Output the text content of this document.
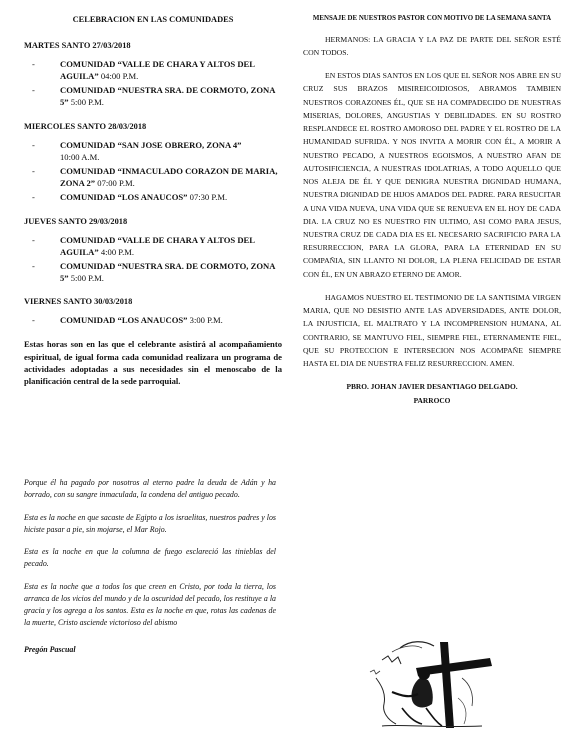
CELEBRACION EN LAS COMUNIDADES
MARTES SANTO 27/03/2018
- COMUNIDAD “VALLE DE CHARA Y ALTOS DEL AGUILA” 04:00 P.M.
- COMUNIDAD “NUESTRA SRA. DE CORMOTO, ZONA 5” 5:00 P.M.
MIERCOLES SANTO 28/03/2018
- COMUNIDAD “SAN JOSE OBRERO, ZONA 4”
10:00 A.M.
- COMUNIDAD “INMACULADO CORAZON DE MARIA, ZONA 2” 07:00 P.M.
- COMUNIDAD “LOS ANAUCOS” 07:30 P.M.
JUEVES SANTO 29/03/2018
- COMUNIDAD “VALLE DE CHARA Y ALTOS DEL AGUILA” 4:00 P.M.
- COMUNIDAD “NUESTRA SRA. DE CORMOTO, ZONA 5” 5:00 P.M.
VIERNES SANTO 30/03/2018
- COMUNIDAD “LOS ANAUCOS” 3:00 P.M.

Estas horas son en las que el celebrante asistirá al acompañamiento espiritual, de igual forma cada comunidad realizara un programa de actividades adoptadas a sus necesidades sin el menoscabo de la planificación central de la sede parroquial.

Porque él ha pagado por nosotros al eterno padre la deuda de Adán y ha borrado, con su sangre inmaculada, la condena del antiguo pecado.

Esta es la noche en que sacaste de Egipto a los israelitas, nuestros padres y los hiciste pasar a pie, sin mojarse, el Mar Rojo.

Esta es la noche en que la columna de fuego esclareció las tinieblas del pecado.

Esta es la noche que a todos los que creen en Cristo, por toda la tierra, los arranca de los vicios del mundo y de la oscuridad del pecado, los restituye a la gracia y los agrega a los santos. Esta es la noche en que, rotas las cadenas de la muerte, Cristo asciende victorioso del abismo

Pregón Pascual

MENSAJE DE NUESTROS PASTOR CON MOTIVO DE LA SEMANA SANTA

HERMANOS: LA GRACIA Y LA PAZ DE PARTE DEL SEÑOR ESTÉ CON TODOS.

EN ESTOS DIAS SANTOS EN LOS QUE EL SEÑOR NOS ABRE EN SU CRUZ SUS BRAZOS MISIREICOIDIOSOS, ABRAMOS TAMBIEN NUESTROS CORAZONES ÉL, QUE SE HA COMPADECIDO DE NUESTRAS MISERIAS, DOLORES, ANGUSTIAS Y DEBILIDADES. EN SU ROSTRO RESPLANDECE EL ROSTRO AMOROSO DEL PADRE Y EL ROSTRO DE LA HUMANIDAD SUFRIDA. Y NOS INVITA A MORIR CON ÉL, A MORIR A NUESTRO PECADO, A NUESTROS EGOISMOS, A NUESTRO AFAN DE AUTOSIFICIENCIA, A NUESTRAS IDOLATRIAS, A TODO AQUELLO QUE NOS ALEJA DE ÉL Y QUE DENIGRA NUESTRA DIGNIDAD HUMANA, NUESTRA DIGNIDAD DE HIJOS AMADOS DEL PADRE. PARA RESUCITAR A UNA VIDA NUEVA, UNA VIDA QUE SE RENUEVA EN EL HOY DE CADA DIA. LA CRUZ NO ES NUESTRO FIN ULTIMO, ASI COMO PARA JESUS, NUESTRA CRUZ DE CADA DIA ES EL NECESARIO SACRIFICIO PARA LA RESURRECCION, PARA LA GLORA, PARA LA ETERNIDAD EN SU COMPAÑIA, SIN LLANTO NI DOLOR, LA PLENA FELICIDAD DE ESTAR CON ÉL, EN UN ABRAZO ETERNO DE AMOR.

HAGAMOS NUESTRO EL TESTIMONIO DE LA SANTISIMA VIRGEN MARIA, QUE NO DESISTIO ANTE LAS ADVERSIDADES, ANTE DOLOR, LA INJUSTICIA, EL MALTRATO Y LA INCOMPRENSION HUMANA, AL CONTRARIO, SE MANTUVO FIEL, SIEMPRE FIEL, ETERNAMENTE FIEL, QUE SU PROTECCION E INTERSECION NOS ACOMPAÑE SIEMPRE HASTA EL DIA DE NUESTRA FELIZ RESURRECCION. AMEN.

PBRO. JOHAN JAVIER DESANTIAGO DELGADO.
PARROCO
